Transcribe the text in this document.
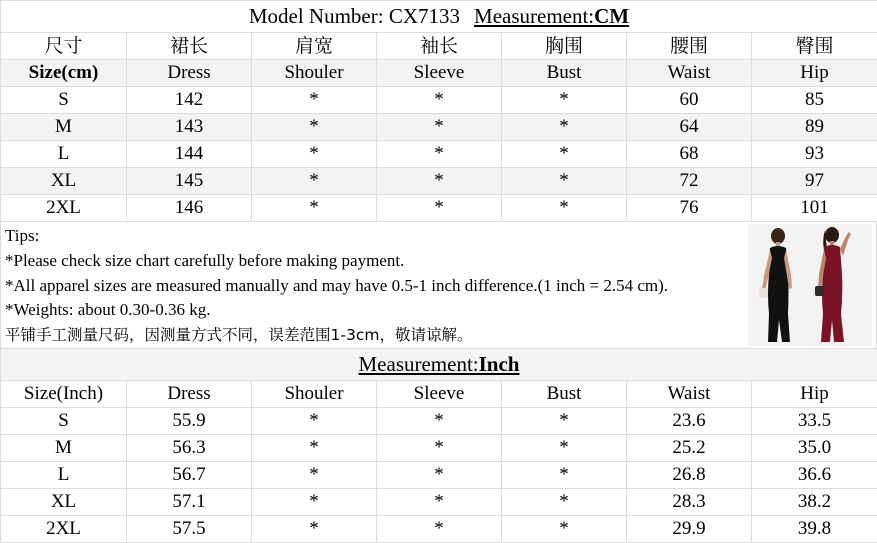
Model Number: CX7133 Measurement:CM						
尺寸	裙长	肩宽	袖长	胸围	腰围	臀围
Size(cm)	Dress	Shouler	Sleeve	Bust	Waist	Hip
S	142	*	*	*	60	85
M	143	*	*	*	64	89
L	144	*	*	*	68	93
XL	145	*	*	*	72	97
2XL	146	*	*	*	76	101
Tips:
*Please check size chart carefully before making payment.
*All apparel sizes are measured manually and may have 0.5-1 inch difference.(1 inch = 2.54 cm).
*Weights: about 0.30-0.36 kg.
平铺手工测量尺码，因测量方式不同，误差范围1-3cm，敬请谅解。
Measurement:Inch						
Size(Inch)	Dress	Shouler	Sleeve	Bust	Waist	Hip
S	55.9	*	*	*	23.6	33.5
M	56.3	*	*	*	25.2	35.0
L	56.7	*	*	*	26.8	36.6
XL	57.1	*	*	*	28.3	38.2
2XL	57.5	*	*	*	29.9	39.8
